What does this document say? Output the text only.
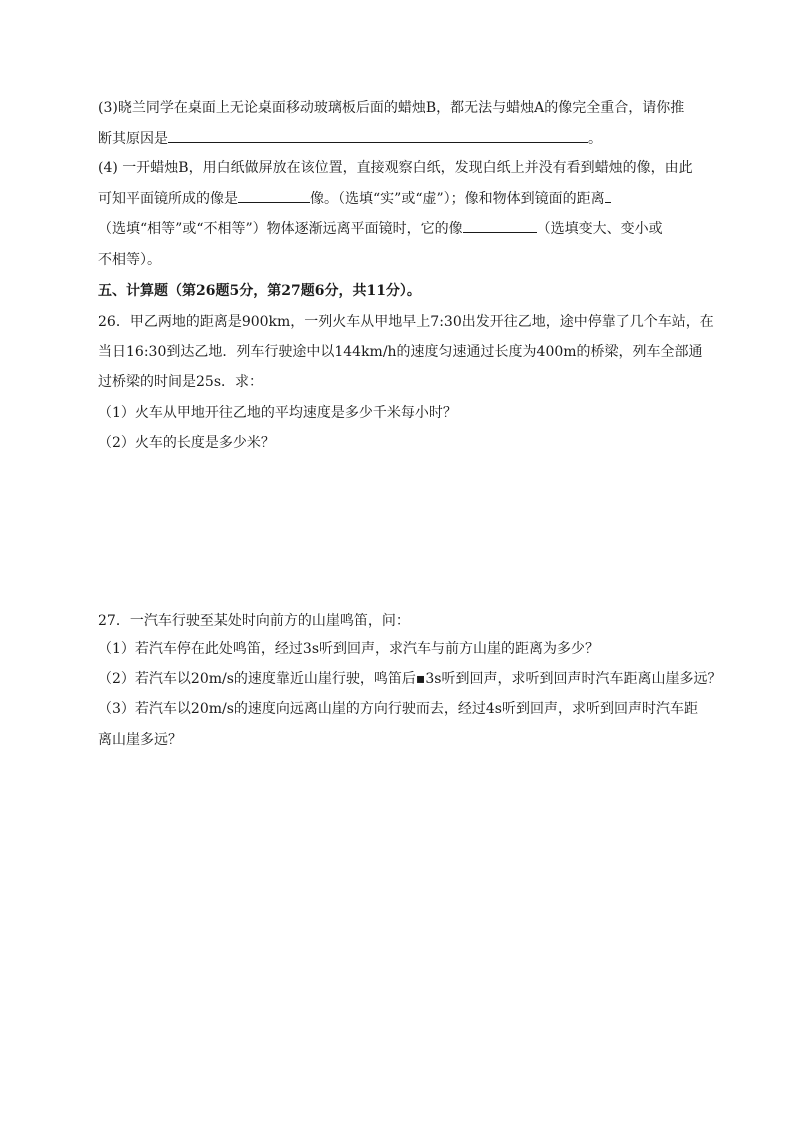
(3)晓兰同学在桌面上无论桌面移动玻璃板后面的蜡烛B，都无法与蜡烛A的像完全重合，请你推
断其原因是	。
(4) 一开蜡烛B，用白纸做屏放在该位置，直接观察白纸，发现白纸上并没有看到蜡烛的像，由此
可知平面镜所成的像是	像。（选填“实”或“虚”）；像和物体到镜面的距离
（选填“相等”或“不相等”）物体逐渐远离平面镜时，它的像	（选填变大、变小或
不相等）。
五、计算题（第26题5分，第27题6分，共11分）。
26．甲乙两地的距离是900km，一列火车从甲地早上7:30出发开往乙地，途中停靠了几个车站，在
当日16:30到达乙地．列车行驶途中以144km/h的速度匀速通过长度为400m的桥梁，列车全部通
过桥梁的时间是25s．求：
（1）火车从甲地开往乙地的平均速度是多少千米每小时？
（2）火车的长度是多少米？
27．一汽车行驶至某处时向前方的山崖鸣笛，问：
（1）若汽车停在此处鸣笛，经过3s听到回声，求汽车与前方山崖的距离为多少？
（2）若汽车以20m/s的速度靠近山崖行驶，鸣笛后▪3s听到回声，求听到回声时汽车距离山崖多远？
（3）若汽车以20m/s的速度向远离山崖的方向行驶而去，经过4s听到回声，求听到回声时汽车距
离山崖多远？
